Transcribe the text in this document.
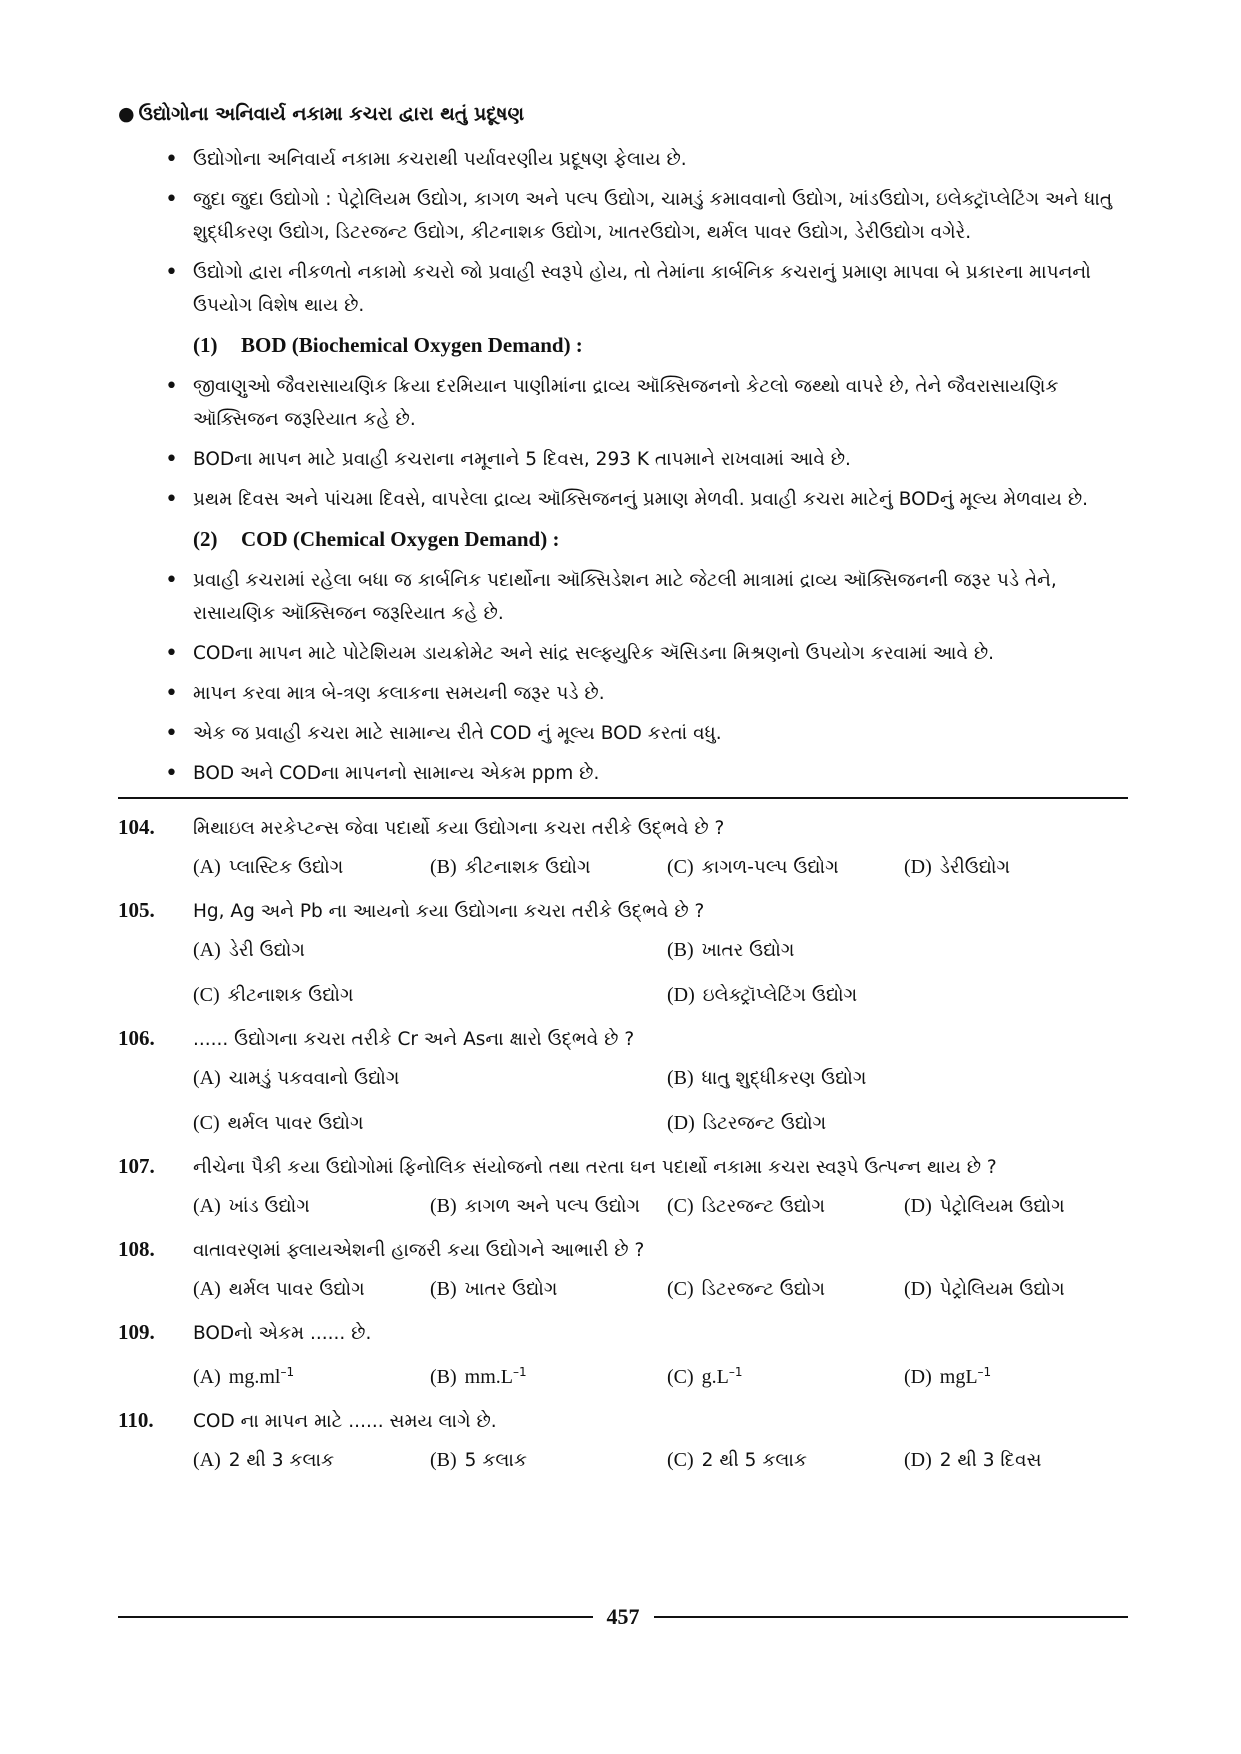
● ઉદ્યોગોના અનિવાર્ય નકામા કચરા દ્વારા થતું પ્રદૂષણ
• ઉદ્યોગોના અનિવાર્ય નકામા કચરાથી પર્યાવરણીય પ્રદૂષણ ફેલાય છે.
• જુદા જુદા ઉદ્યોગો : પેટ્રોલિયમ ઉદ્યોગ, કાગળ અને પલ્પ ઉદ્યોગ, ચામડું કમાવવાનો ઉદ્યોગ, ખાંડઉદ્યોગ, ઇલેક્ટ્રૉપ્લેટિંગ અને ધાતુ શુદ્ધીકરણ ઉદ્યોગ, ડિટરજન્ટ ઉદ્યોગ, કીટનાશક ઉદ્યોગ, ખાતરઉદ્યોગ, થર્મલ પાવર ઉદ્યોગ, ડેરીઉદ્યોગ વગેરે.
• ઉદ્યોગો દ્વારા નીકળતો નકામો કચરો જો પ્રવાહી સ્વરૂપે હોય, તો તેમાંના કાર્બનિક કચરાનું પ્રમાણ માપવા બે પ્રકારના માપનનો ઉપયોગ વિશેષ થાય છે.
(1)	BOD (Biochemical Oxygen Demand) :
• જીવાણુઓ જૈવરાસાયણિક ક્રિયા દરમિયાન પાણીમાંના દ્રાવ્ય ઑક્સિજનનો કેટલો જથ્થો વાપરે છે, તેને જૈવરાસાયણિક ઑક્સિજન જરૂરિયાત કહે છે.
• BODના માપન માટે પ્રવાહી કચરાના નમૂનાને 5 દિવસ, 293 K તાપમાને રાખવામાં આવે છે.
• પ્રથમ દિવસ અને પાંચમા દિવસે, વાપરેલા દ્રાવ્ય ઑક્સિજનનું પ્રમાણ મેળવી. પ્રવાહી કચરા માટેનું BODનું મૂલ્ય મેળવાય છે.
(2)	COD (Chemical Oxygen Demand) :
• પ્રવાહી કચરામાં રહેલા બધા જ કાર્બનિક પદાર્થોના ઑક્સિડેશન માટે જેટલી માત્રામાં દ્રાવ્ય ઑક્સિજનની જરૂર પડે તેને, રાસાયણિક ઑક્સિજન જરૂરિયાત કહે છે.
• CODના માપન માટે પોટેશિયમ ડાયક્રોમેટ અને સાંદ્ર સલ્ફ્યુરિક ઍસિડના મિશ્રણનો ઉપયોગ કરવામાં આવે છે.
• માપન કરવા માત્ર બે-ત્રણ કલાકના સમયની જરૂર પડે છે.
• એક જ પ્રવાહી કચરા માટે સામાન્ય રીતે COD નું મૂલ્ય BOD કરતાં વધુ.
• BOD અને CODના માપનનો સામાન્ય એકમ ppm છે.
104.	મિથાઇલ મરકેપ્ટન્સ જેવા પદાર્થો કયા ઉદ્યોગના કચરા તરીકે ઉદ્ભવે છે ?
(A) પ્લાસ્ટિક ઉદ્યોગ	(B) કીટનાશક ઉદ્યોગ	(C) કાગળ-પલ્પ ઉદ્યોગ	(D) ડેરીઉદ્યોગ
105.	Hg, Ag અને Pb ના આયનો કયા ઉદ્યોગના કચરા તરીકે ઉદ્ભવે છે ?
(A) ડેરી ઉદ્યોગ	(B) ખાતર ઉદ્યોગ
(C) કીટનાશક ઉદ્યોગ	(D) ઇલેક્ટ્રૉપ્લેટિંગ ઉદ્યોગ
106.	...... ઉદ્યોગના કચરા તરીકે Cr અને Asના ક્ષારો ઉદ્ભવે છે ?
(A) ચામડું પકવવાનો ઉદ્યોગ	(B) ધાતુ શુદ્ધીકરણ ઉદ્યોગ
(C) થર્મલ પાવર ઉદ્યોગ	(D) ડિટરજન્ટ ઉદ્યોગ
107.	નીચેના પૈકી કયા ઉદ્યોગોમાં ફિનોલિક સંયોજનો તથા તરતા ઘન પદાર્થો નકામા કચરા સ્વરૂપે ઉત્પન્ન થાય છે ?
(A) ખાંડ ઉદ્યોગ	(B) કાગળ અને પલ્પ ઉદ્યોગ	(C) ડિટરજન્ટ ઉદ્યોગ	(D) પેટ્રોલિયમ ઉદ્યોગ
108.	વાતાવરણમાં ફ્લાયએશની હાજરી કયા ઉદ્યોગને આભારી છે ?
(A) થર્મલ પાવર ઉદ્યોગ	(B) ખાતર ઉદ્યોગ	(C) ડિટરજન્ટ ઉદ્યોગ	(D) પેટ્રોલિયમ ઉદ્યોગ
109.	BODનો એકમ ...... છે.
(A) $mg.ml^{-1}$	(B) $mm.L^{-1}$	(C) $g.L^{-1}$	(D) mgL$^{-1}$
110.	COD ના માપન માટે ...... સમય લાગે છે.
(A) 2 થી 3 કલાક	(B) 5 કલાક	(C) 2 થી 5 કલાક	(D) 2 થી 3 દિવસ
457
